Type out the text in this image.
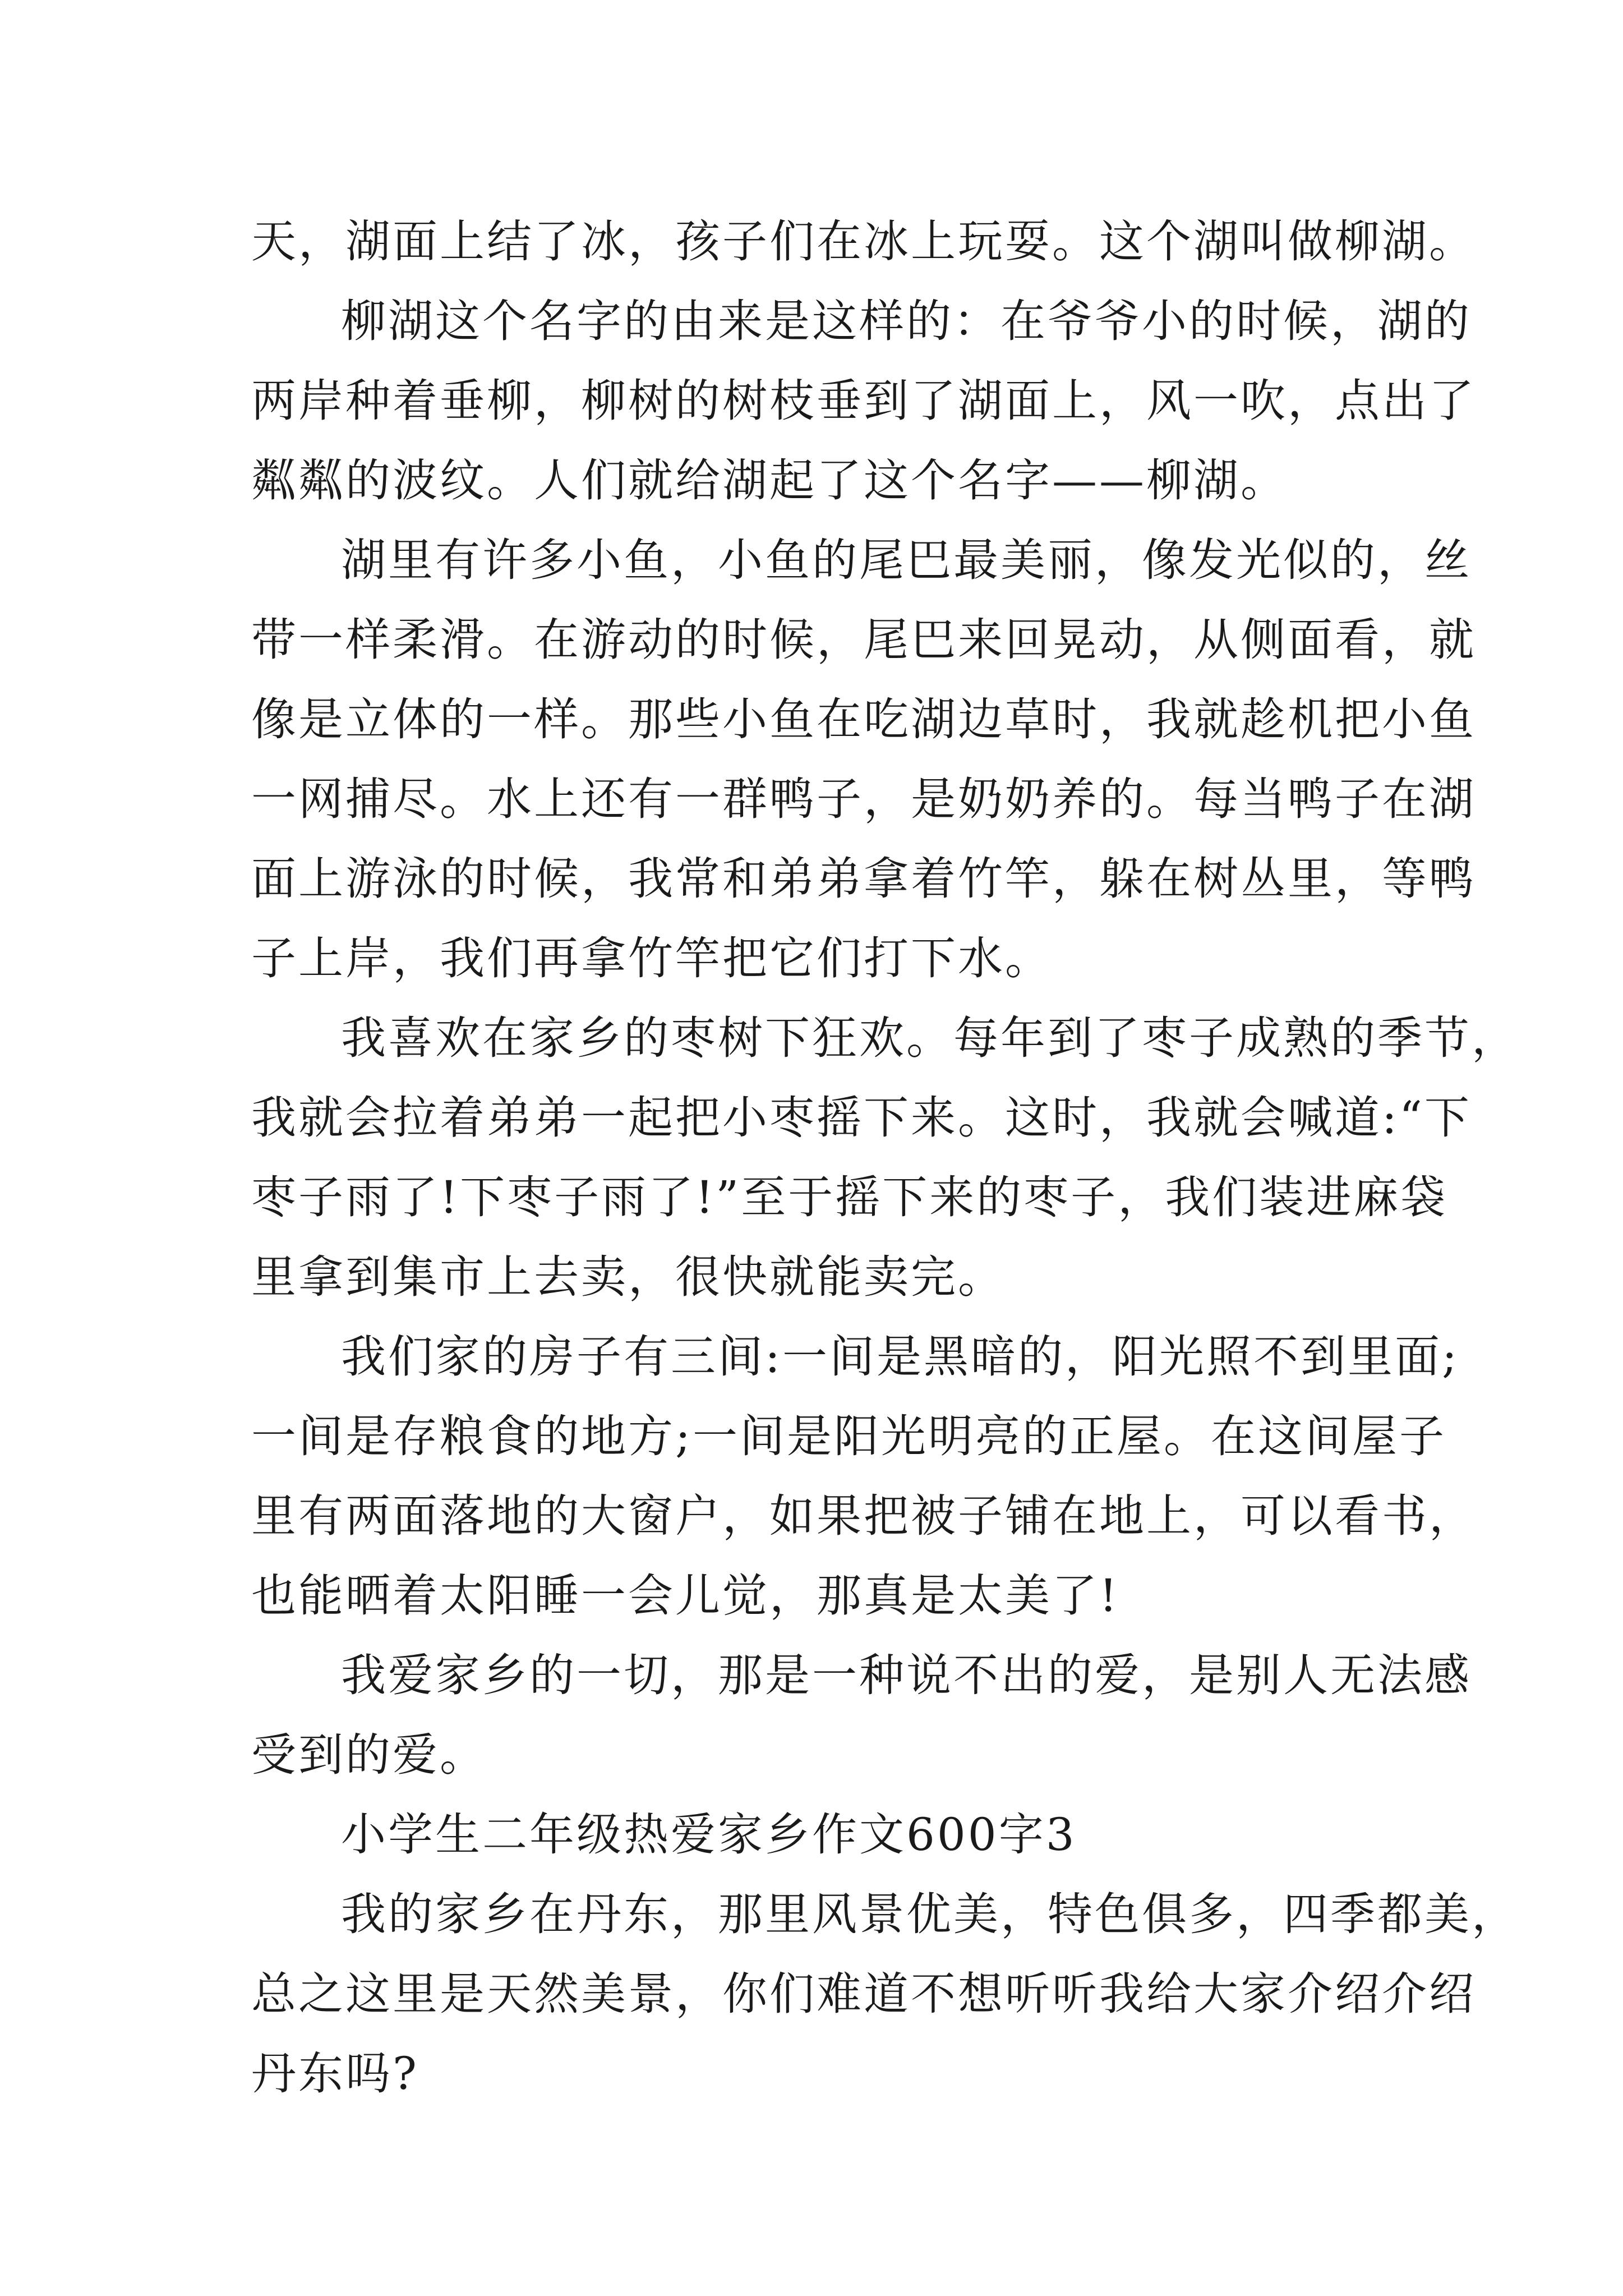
天，湖面上结了冰，孩子们在冰上玩耍。这个湖叫做柳湖。
柳湖这个名字的由来是这样的：在爷爷小的时候，湖的
两岸种着垂柳，柳树的树枝垂到了湖面上，风一吹，点出了
粼粼的波纹。人们就给湖起了这个名字——柳湖。
湖里有许多小鱼，小鱼的尾巴最美丽，像发光似的，丝
带一样柔滑。在游动的时候，尾巴来回晃动，从侧面看，就
像是立体的一样。那些小鱼在吃湖边草时，我就趁机把小鱼
一网捕尽。水上还有一群鸭子，是奶奶养的。每当鸭子在湖
面上游泳的时候，我常和弟弟拿着竹竿，躲在树丛里，等鸭
子上岸，我们再拿竹竿把它们打下水。
我喜欢在家乡的枣树下狂欢。每年到了枣子成熟的季节，
我就会拉着弟弟一起把小枣摇下来。这时，我就会喊道:“下
枣子雨了!下枣子雨了!”至于摇下来的枣子，我们装进麻袋
里拿到集市上去卖，很快就能卖完。
我们家的房子有三间:一间是黑暗的，阳光照不到里面;
一间是存粮食的地方;一间是阳光明亮的正屋。在这间屋子
里有两面落地的大窗户，如果把被子铺在地上，可以看书，
也能晒着太阳睡一会儿觉，那真是太美了!
我爱家乡的一切，那是一种说不出的爱，是别人无法感
受到的爱。
小学生二年级热爱家乡作文600字3
我的家乡在丹东，那里风景优美，特色俱多，四季都美，
总之这里是天然美景，你们难道不想听听我给大家介绍介绍
丹东吗?
